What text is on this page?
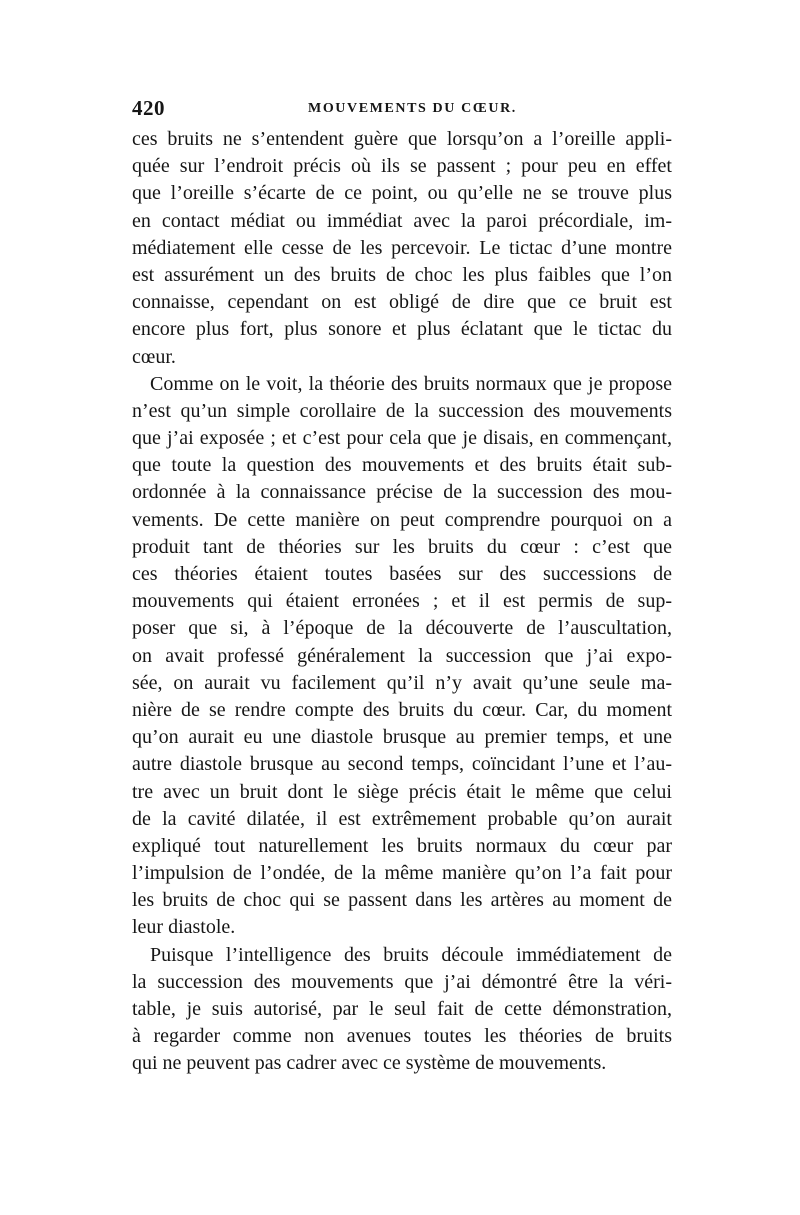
420	MOUVEMENTS DU CŒUR.
ces bruits ne s’entendent guère que lorsqu’on a l’oreille appli-
quée sur l’endroit précis où ils se passent ; pour peu en effet
que l’oreille s’écarte de ce point, ou qu’elle ne se trouve plus
en contact médiat ou immédiat avec la paroi précordiale, im-
médiatement elle cesse de les percevoir. Le tictac d’une montre
est assurément un des bruits de choc les plus faibles que l’on
connaisse, cependant on est obligé de dire que ce bruit est
encore plus fort, plus sonore et plus éclatant que le tictac du
cœur.
Comme on le voit, la théorie des bruits normaux que je propose
n’est qu’un simple corollaire de la succession des mouvements
que j’ai exposée ; et c’est pour cela que je disais, en commençant,
que toute la question des mouvements et des bruits était sub-
ordonnée à la connaissance précise de la succession des mou-
vements. De cette manière on peut comprendre pourquoi on a
produit tant de théories sur les bruits du cœur : c’est que
ces théories étaient toutes basées sur des successions de
mouvements qui étaient erronées ; et il est permis de sup-
poser que si, à l’époque de la découverte de l’auscultation,
on avait professé généralement la succession que j’ai expo-
sée, on aurait vu facilement qu’il n’y avait qu’une seule ma-
nière de se rendre compte des bruits du cœur. Car, du moment
qu’on aurait eu une diastole brusque au premier temps, et une
autre diastole brusque au second temps, coïncidant l’une et l’au-
tre avec un bruit dont le siège précis était le même que celui
de la cavité dilatée, il est extrêmement probable qu’on aurait
expliqué tout naturellement les bruits normaux du cœur par
l’impulsion de l’ondée, de la même manière qu’on l’a fait pour
les bruits de choc qui se passent dans les artères au moment de
leur diastole.
Puisque l’intelligence des bruits découle immédiatement de
la succession des mouvements que j’ai démontré être la véri-
table, je suis autorisé, par le seul fait de cette démonstration,
à regarder comme non avenues toutes les théories de bruits
qui ne peuvent pas cadrer avec ce système de mouvements.
